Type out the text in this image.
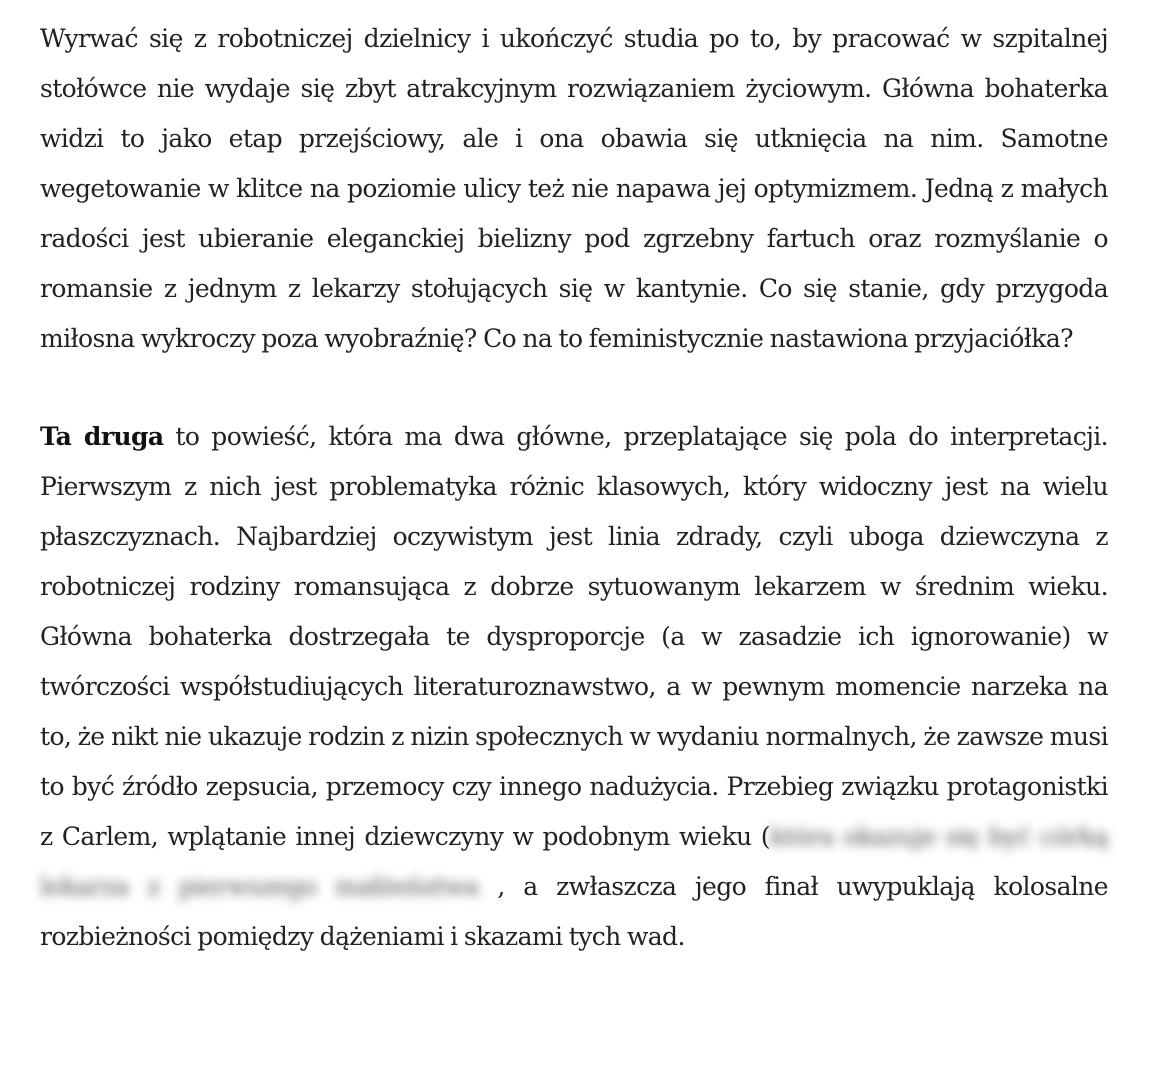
Wyrwać się z robotniczej dzielnicy i ukończyć studia po to, by pracować w szpitalnej stołówce nie wydaje się zbyt atrakcyjnym rozwiązaniem życiowym. Główna bohaterka widzi to jako etap przejściowy, ale i ona obawia się utknięcia na nim. Samotne wegetowanie w klitce na poziomie ulicy też nie napawa jej optymizmem. Jedną z małych radości jest ubieranie eleganckiej bielizny pod zgrzebny fartuch oraz rozmyślanie o romansie z jednym z lekarzy stołujących się w kantynie. Co się stanie, gdy przygoda miłosna wykroczy poza wyobraźnię? Co na to feministycznie nastawiona przyjaciółka?

Ta druga to powieść, która ma dwa główne, przeplatające się pola do interpretacji. Pierwszym z nich jest problematyka różnic klasowych, który widoczny jest na wielu płaszczyznach. Najbardziej oczywistym jest linia zdrady, czyli uboga dziewczyna z robotniczej rodziny romansująca z dobrze sytuowanym lekarzem w średnim wieku. Główna bohaterka dostrzegała te dysproporcje (a w zasadzie ich ignorowanie) w twórczości współstudiujących literaturoznawstwo, a w pewnym momencie narzeka na to, że nikt nie ukazuje rodzin z nizin społecznych w wydaniu normalnych, że zawsze musi to być źródło zepsucia, przemocy czy innego nadużycia. Przebieg związku protagonistki z Carlem, wplątanie innej dziewczyny w podobnym wieku (która okazuje się być córką lekarza z pierwszego małżeństwa , a zwłaszcza jego finał uwypuklają kolosalne rozbieżności pomiędzy dążeniami i skazami tych wad.
